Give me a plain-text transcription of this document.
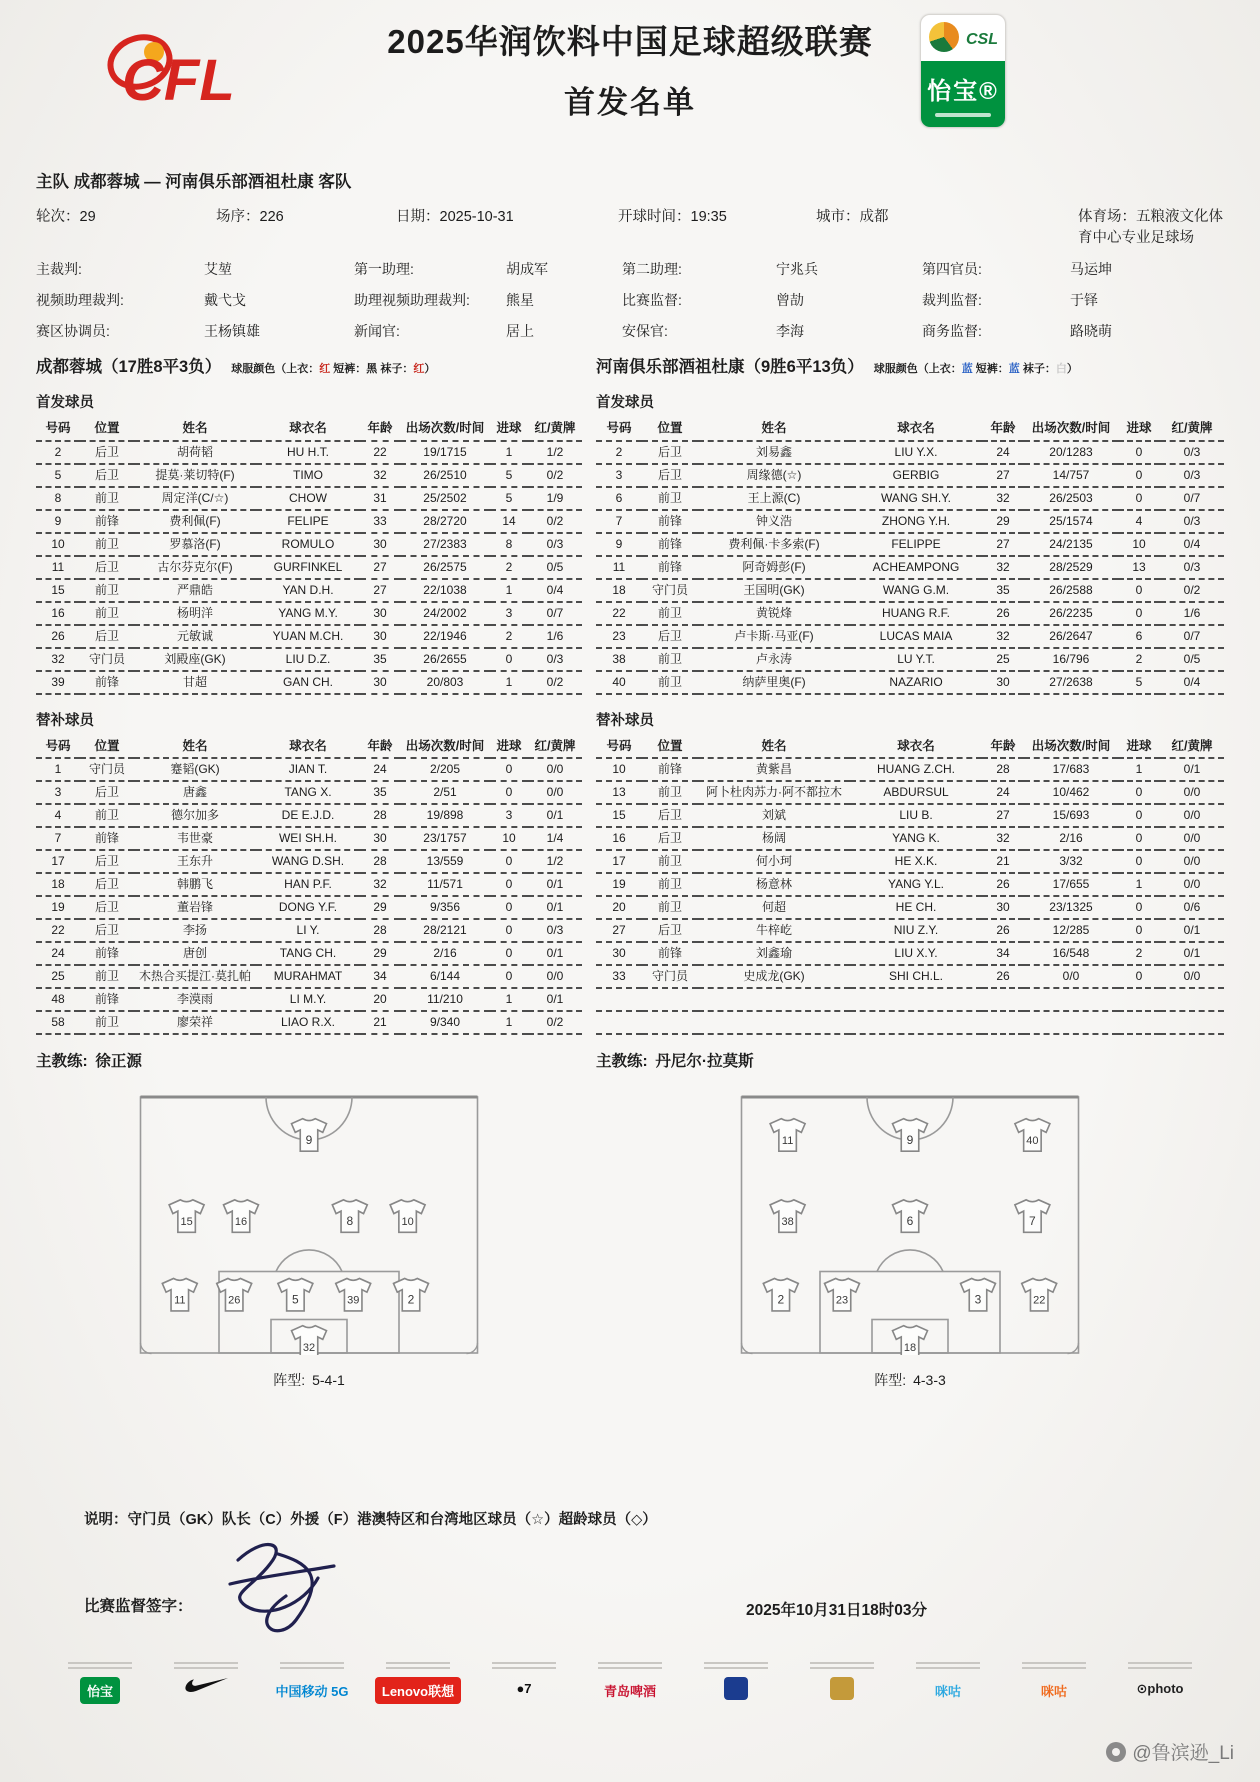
CFL
2025华润饮料中国足球超级联赛
首发名单
CSL
怡宝®
主队 成都蓉城 — 河南俱乐部酒祖杜康 客队
轮次：29	场序：226	日期：2025-10-31	开球时间：19:35	城市：成都	体育场：五粮液文化体育中心专业足球场
主裁判:	艾堃	第一助理:	胡成军	第二助理:	宁兆兵	第四官员:	马运坤
视频助理裁判:	戴弋戈	助理视频助理裁判:	熊星	比赛监督:	曾劼	裁判监督:	于铎
赛区协调员:	王杨镇雄	新闻官:	居上	安保官:	李海	商务监督:	路晓萌
成都蓉城（17胜8平3负） 球服颜色（上衣：红 短裤：黑 袜子：红）	河南俱乐部酒祖杜康（9胜6平13负） 球服颜色（上衣：蓝 短裤：蓝 袜子：白）
首发球员	首发球员
号码	位置	姓名	球衣名	年龄	出场次数/时间	进球	红/黄牌		号码	位置	姓名	球衣名	年龄	出场次数/时间	进球	红/黄牌
2	后卫	胡荷韬	HU H.T.	22	19/1715	1	1/2		2	后卫	刘易鑫	LIU Y.X.	24	20/1283	0	0/3
5	后卫	提莫·莱切特(F)	TIMO	32	26/2510	5	0/2		3	后卫	周缘德(☆)	GERBIG	27	14/757	0	0/3
8	前卫	周定洋(C/☆)	CHOW	31	25/2502	5	1/9		6	前卫	王上源(C)	WANG SH.Y.	32	26/2503	0	0/7
9	前锋	费利佩(F)	FELIPE	33	28/2720	14	0/2		7	前锋	钟义浩	ZHONG Y.H.	29	25/1574	4	0/3
10	前卫	罗慕洛(F)	ROMULO	30	27/2383	8	0/3		9	前锋	费利佩·卡多索(F)	FELIPPE	27	24/2135	10	0/4
11	后卫	古尔芬克尔(F)	GURFINKEL	27	26/2575	2	0/5		11	前锋	阿奇姆彭(F)	ACHEAMPONG	32	28/2529	13	0/3
15	前卫	严鼎皓	YAN D.H.	27	22/1038	1	0/4		18	守门员	王国明(GK)	WANG G.M.	35	26/2588	0	0/2
16	前卫	杨明洋	YANG M.Y.	30	24/2002	3	0/7		22	前卫	黄锐烽	HUANG R.F.	26	26/2235	0	1/6
26	后卫	元敏诚	YUAN M.CH.	30	22/1946	2	1/6		23	后卫	卢卡斯·马亚(F)	LUCAS MAIA	32	26/2647	6	0/7
32	守门员	刘殿座(GK)	LIU D.Z.	35	26/2655	0	0/3		38	前卫	卢永涛	LU Y.T.	25	16/796	2	0/5
39	前锋	甘超	GAN CH.	30	20/803	1	0/2		40	前卫	纳萨里奥(F)	NAZARIO	30	27/2638	5	0/4
替补球员	替补球员
号码	位置	姓名	球衣名	年龄	出场次数/时间	进球	红/黄牌		号码	位置	姓名	球衣名	年龄	出场次数/时间	进球	红/黄牌
1	守门员	蹇韬(GK)	JIAN T.	24	2/205	0	0/0		10	前锋	黄紫昌	HUANG Z.CH.	28	17/683	1	0/1
3	后卫	唐鑫	TANG X.	35	2/51	0	0/0		13	前卫	阿卜杜肉苏力·阿不都拉木	ABDURSUL	24	10/462	0	0/0
4	前卫	德尔加多	DE E.J.D.	28	19/898	3	0/1		15	后卫	刘斌	LIU B.	27	15/693	0	0/0
7	前锋	韦世豪	WEI SH.H.	30	23/1757	10	1/4		16	后卫	杨阔	YANG K.	32	2/16	0	0/0
17	后卫	王东升	WANG D.SH.	28	13/559	0	1/2		17	前卫	何小珂	HE X.K.	21	3/32	0	0/0
18	后卫	韩鹏飞	HAN P.F.	32	11/571	0	0/1		19	前卫	杨意林	YANG Y.L.	26	17/655	1	0/0
19	后卫	董岩锋	DONG Y.F.	29	9/356	0	0/1		20	前卫	何超	HE CH.	30	23/1325	0	0/6
22	后卫	李扬	LI Y.	28	28/2121	0	0/3		27	后卫	牛梓屹	NIU Z.Y.	26	12/285	0	0/1
24	前锋	唐创	TANG CH.	29	2/16	0	0/1		30	前锋	刘鑫瑜	LIU X.Y.	34	16/548	2	0/1
25	前卫	木热合买提江·莫扎帕	MURAHMAT	34	6/144	0	0/0		33	守门员	史成龙(GK)	SHI CH.L.	26	0/0	0	0/0
48	前锋	李漠雨	LI M.Y.	20	11/210	1	0/1									
58	前卫	廖荣祥	LIAO R.X.	21	9/340	1	0/2									
主教练: 徐正源	主教练: 丹尼尔·拉莫斯
9
15	16	8	10
11	26	5	39	2
32
阵型: 5-4-1
11	9	40
38	6	7
2	23	3	22
18
阵型: 4-3-3
说明：守门员（GK）队长（C）外援（F）港澳特区和台湾地区球员（☆）超龄球员（◇）
比赛监督签字：	2025年10月31日18时03分
怡宝	中国移动 5G	Lenovo联想	●7	青岛啤酒

	咪咕	咪咕	⊙photo
@鲁滨逊_Li
